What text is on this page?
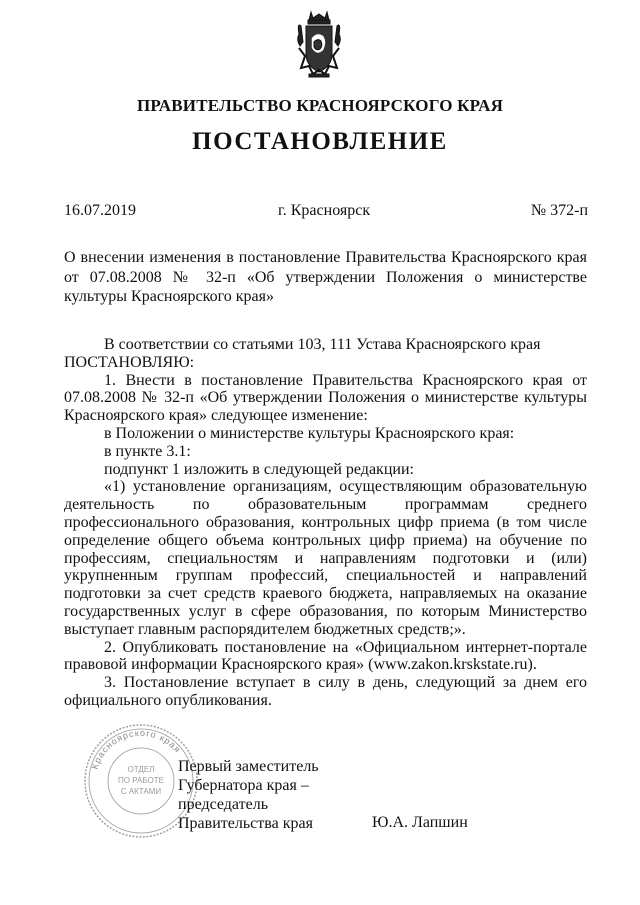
ПРАВИТЕЛЬСТВО КРАСНОЯРСКОГО КРАЯ
ПОСТАНОВЛЕНИЕ
16.07.2019	г. Красноярск	№ 372-п
О внесении изменения в постановление Правительства Красноярского края от 07.08.2008 № 32-п «Об утверждении Положения о министерстве культуры Красноярского края»

В соответствии со статьями 103, 111 Устава Красноярского края

ПОСТАНОВЛЯЮ:

1. Внести в постановление Правительства Красноярского края от 07.08.2008 № 32-п «Об утверждении Положения о министерстве культуры Красноярского края» следующее изменение:

в Положении о министерстве культуры Красноярского края:

в пункте 3.1:

подпункт 1 изложить в следующей редакции:

«1) установление организациям, осуществляющим образовательную деятельность по образовательным программам среднего профессионального образования, контрольных цифр приема (в том числе определение общего объема контрольных цифр приема) на обучение по профессиям, специальностям и направлениям подготовки и (или) укрупненным группам профессий, специальностей и направлений подготовки за счет средств краевого бюджета, направляемых на оказание государственных услуг в сфере образования, по которым Министерство выступает главным распорядителем бюджетных средств;».

2. Опубликовать постановление на «Официальном интернет-портале правовой информации Красноярского края» (www.zakon.krskstate.ru).

3. Постановление вступает в силу в день, следующий за днем его официального опубликования.

Красноярского края
ОТДЕЛ
ПО РАБОТЕ
С АКТАМИ
Первый заместитель
Губернатора края –
председатель
Правительства края	Ю.А. Лапшин
